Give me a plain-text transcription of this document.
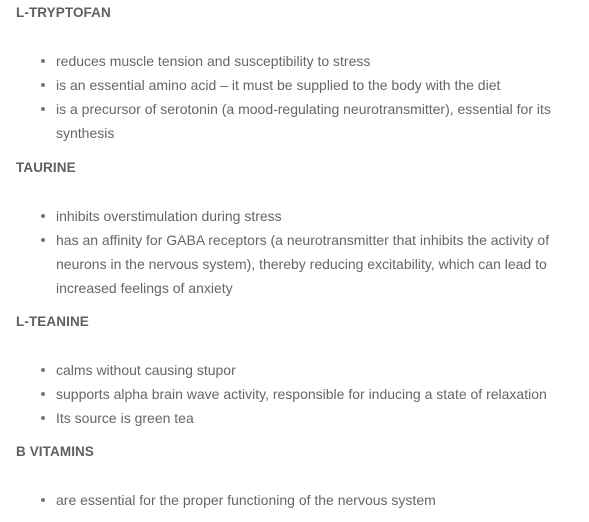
L-TRYPTOFAN
reduces muscle tension and susceptibility to stress
is an essential amino acid – it must be supplied to the body with the diet
is a precursor of serotonin (a mood-regulating neurotransmitter), essential for its synthesis
TAURINE
inhibits overstimulation during stress
has an affinity for GABA receptors (a neurotransmitter that inhibits the activity of neurons in the nervous system), thereby reducing excitability, which can lead to increased feelings of anxiety
L-TEANINE
calms without causing stupor
supports alpha brain wave activity, responsible for inducing a state of relaxation
Its source is green tea
B VITAMINS
are essential for the proper functioning of the nervous system
